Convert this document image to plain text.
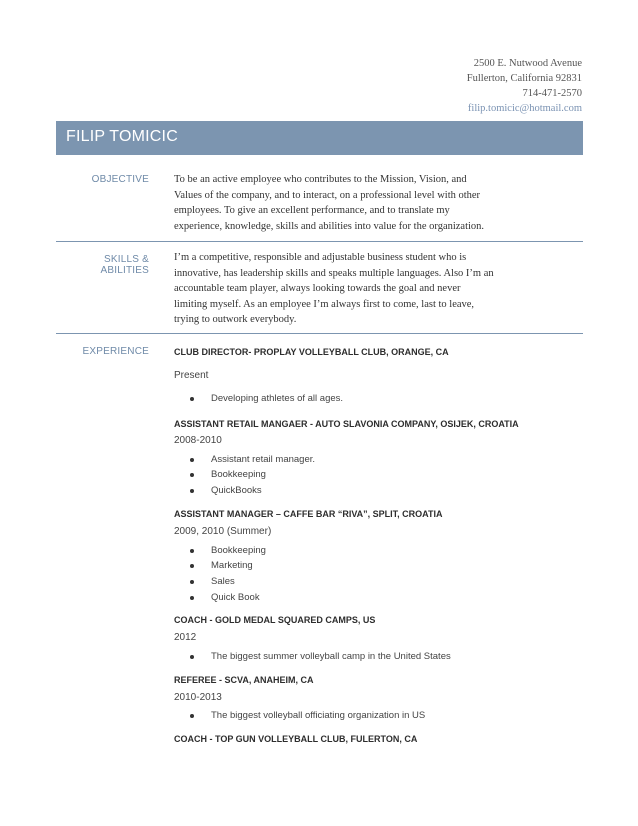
2500 E. Nutwood Avenue
Fullerton, California 92831
714-471-2570
filip.tomicic@hotmail.com
FILIP TOMICIC
OBJECTIVE To be an active employee who contributes to the Mission, Vision, and
Values of the company, and to interact, on a professional level with other
employees. To give an excellent performance, and to translate my
experience, knowledge, skills and abilities into value for the organization.
SKILLS & ABILITIES
I’m a competitive, responsible and adjustable business student who is
innovative, has leadership skills and speaks multiple languages. Also I’m an
accountable team player, always looking towards the goal and never
limiting myself. As an employee I’m always first to come, last to leave,
trying to outwork everybody.
EXPERIENCE	CLUB DIRECTOR- PROPLAY VOLLEYBALL CLUB, ORANGE, CA
Present
Developing athletes of all ages.
ASSISTANT RETAIL MANGAER - AUTO SLAVONIA COMPANY, OSIJEK, CROATIA
2008-2010
Assistant retail manager.
Bookkeeping
QuickBooks
ASSISTANT MANAGER – CAFFE BAR “RIVA”, SPLIT, CROATIA
2009, 2010 (Summer)
Bookkeeping
Marketing
Sales
Quick Book
COACH - GOLD MEDAL SQUARED CAMPS, US
2012
The biggest summer volleyball camp in the United States
REFEREE - SCVA, ANAHEIM, CA
2010-2013
The biggest volleyball officiating organization in US
COACH - TOP GUN VOLLEYBALL CLUB, FULERTON, CA
